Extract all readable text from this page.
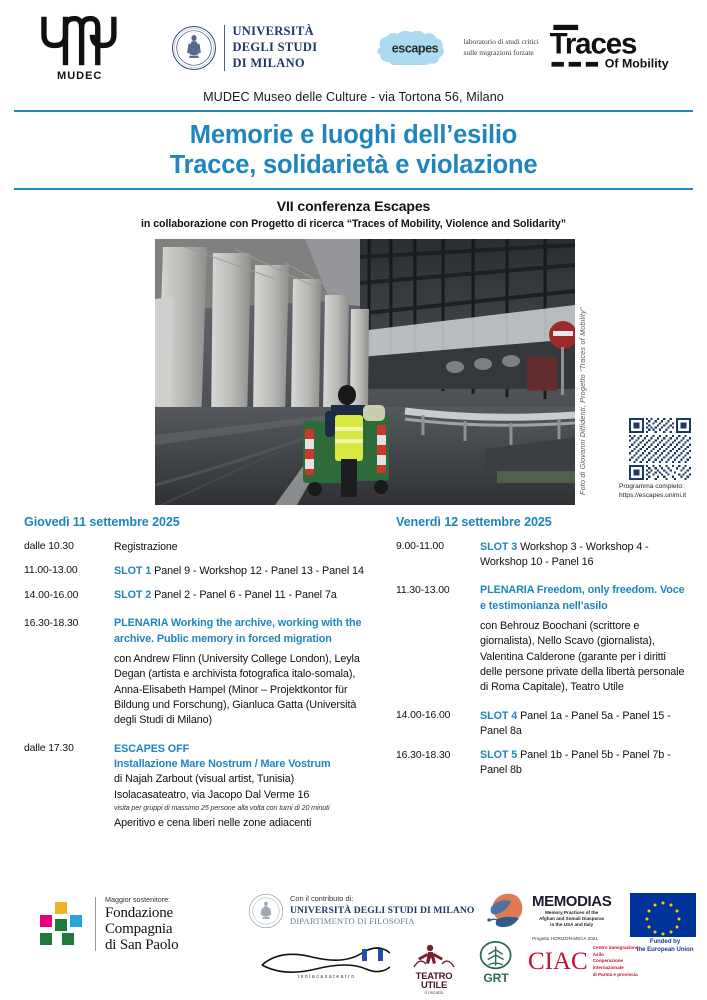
MUDEC
UNIVERSITÀ
DEGLI STUDI
DI MILANO
escapes	laboratorio di studi critici
sulle migrazioni forzate Traces
Of Mobility
MUDEC Museo delle Culture - via Tortona 56, Milano
Memorie e luoghi dell’esilio
Tracce, solidarietà e violazione
VII conferenza Escapes
in collaborazione con Progetto di ricerca “Traces of Mobility, Violence and Solidarity”
Foto di Giovanni Diffidenti, Progetto “Traces of Mobility”	Programma completo:
https://escapes.unimi.it
Giovedì 11 settembre 2025
dalle 10.30	Registrazione
11.00-13.00	SLOT 1 Panel 9 - Workshop 12 - Panel 13 - Panel 14
14.00-16.00	SLOT 2 Panel 2 - Panel 6 - Panel 11 - Panel 7a
16.30-18.30	PLENARIA Working the archive, working with the archive. Public memory in forced migration
con Andrew Flinn (University College London), Leyla Degan (artista e archivista fotografica italo-somala), Anna-Elisabeth Hampel (Minor – Projektkontor für Bildung und Forschung), Gianluca Gatta (Università degli Studi di Milano)
dalle 17.30	ESCAPES OFF
Installazione Mare Nostrum / Mare Vostrum
di Najah Zarbout (visual artist, Tunisia)
Isolacasateatro, via Jacopo Dal Verme 16
visita per gruppi di massimo 25 persone alla volta con turni di 20 minuti
Aperitivo e cena liberi nelle zone adiacenti
Venerdì 12 settembre 2025
9.00-11.00	SLOT 3 Workshop 3 - Workshop 4 - Workshop 10 - Panel 16
11.30-13.00	PLENARIA Freedom, only freedom. Voce e testimonianza nell’asilo
con Behrouz Boochani (scrittore e giornalista), Nello Scavo (giornalista), Valentina Calderone (garante per i diritti delle persone private della libertà personale di Roma Capitale), Teatro Utile
14.00-16.00	SLOT 4 Panel 1a - Panel 5a - Panel 15 - Panel 8a
16.30-18.30	SLOT 5 Panel 1b - Panel 5b - Panel 7b - Panel 8b
Maggior sostenitore:
Fondazione
Compagnia
di San Paolo
Con il contributo di:
UNIVERSITÀ DEGLI STUDI DI MILANO
DIPARTIMENTO DI FILOSOFIA
isolacasateatro	TEATRO
UTILE
il riscatto
GRT
MEMODIAS
Memory Practices of the
Afghan and Somali Diasporas
in the USA and Italy
Progetto HORIZON-MSCA 2021
Funded by
the European Union
CIAC
Centro immigrazione
Asilo
Cooperazione
internazionale
di Parma e provincia
